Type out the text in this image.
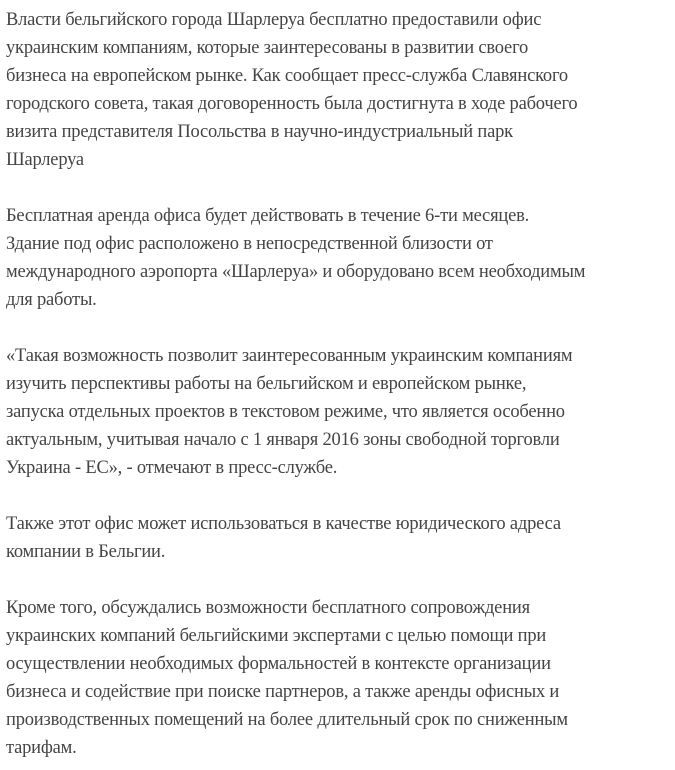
Власти бельгийского города Шарлеруа бесплатно предоставили офис
украинским компаниям, которые заинтересованы в развитии своего
бизнеса на европейском рынке. Как сообщает пресс-служба Славянского
городского совета, такая договоренность была достигнута в ходе рабочего
визита представителя Посольства в научно-индустриальный парк
Шарлеруа

Бесплатная аренда офиса будет действовать в течение 6-ти месяцев.
Здание под офис расположено в непосредственной близости от
международного аэропорта «Шарлеруа» и оборудовано всем необходимым
для работы.

«Такая возможность позволит заинтересованным украинским компаниям
изучить перспективы работы на бельгийском и европейском рынке,
запуска отдельных проектов в текстовом режиме, что является особенно
актуальным, учитывая начало с 1 января 2016 зоны свободной торговли
Украина - ЕС», - отмечают в пресс-службе.

Также этот офис может использоваться в качестве юридического адреса
компании в Бельгии.

Кроме того, обсуждались возможности бесплатного сопровождения
украинских компаний бельгийскими экспертами с целью помощи при
осуществлении необходимых формальностей в контексте организации
бизнеса и содействие при поиске партнеров, а также аренды офисных и
производственных помещений на более длительный срок по сниженным
тарифам.
